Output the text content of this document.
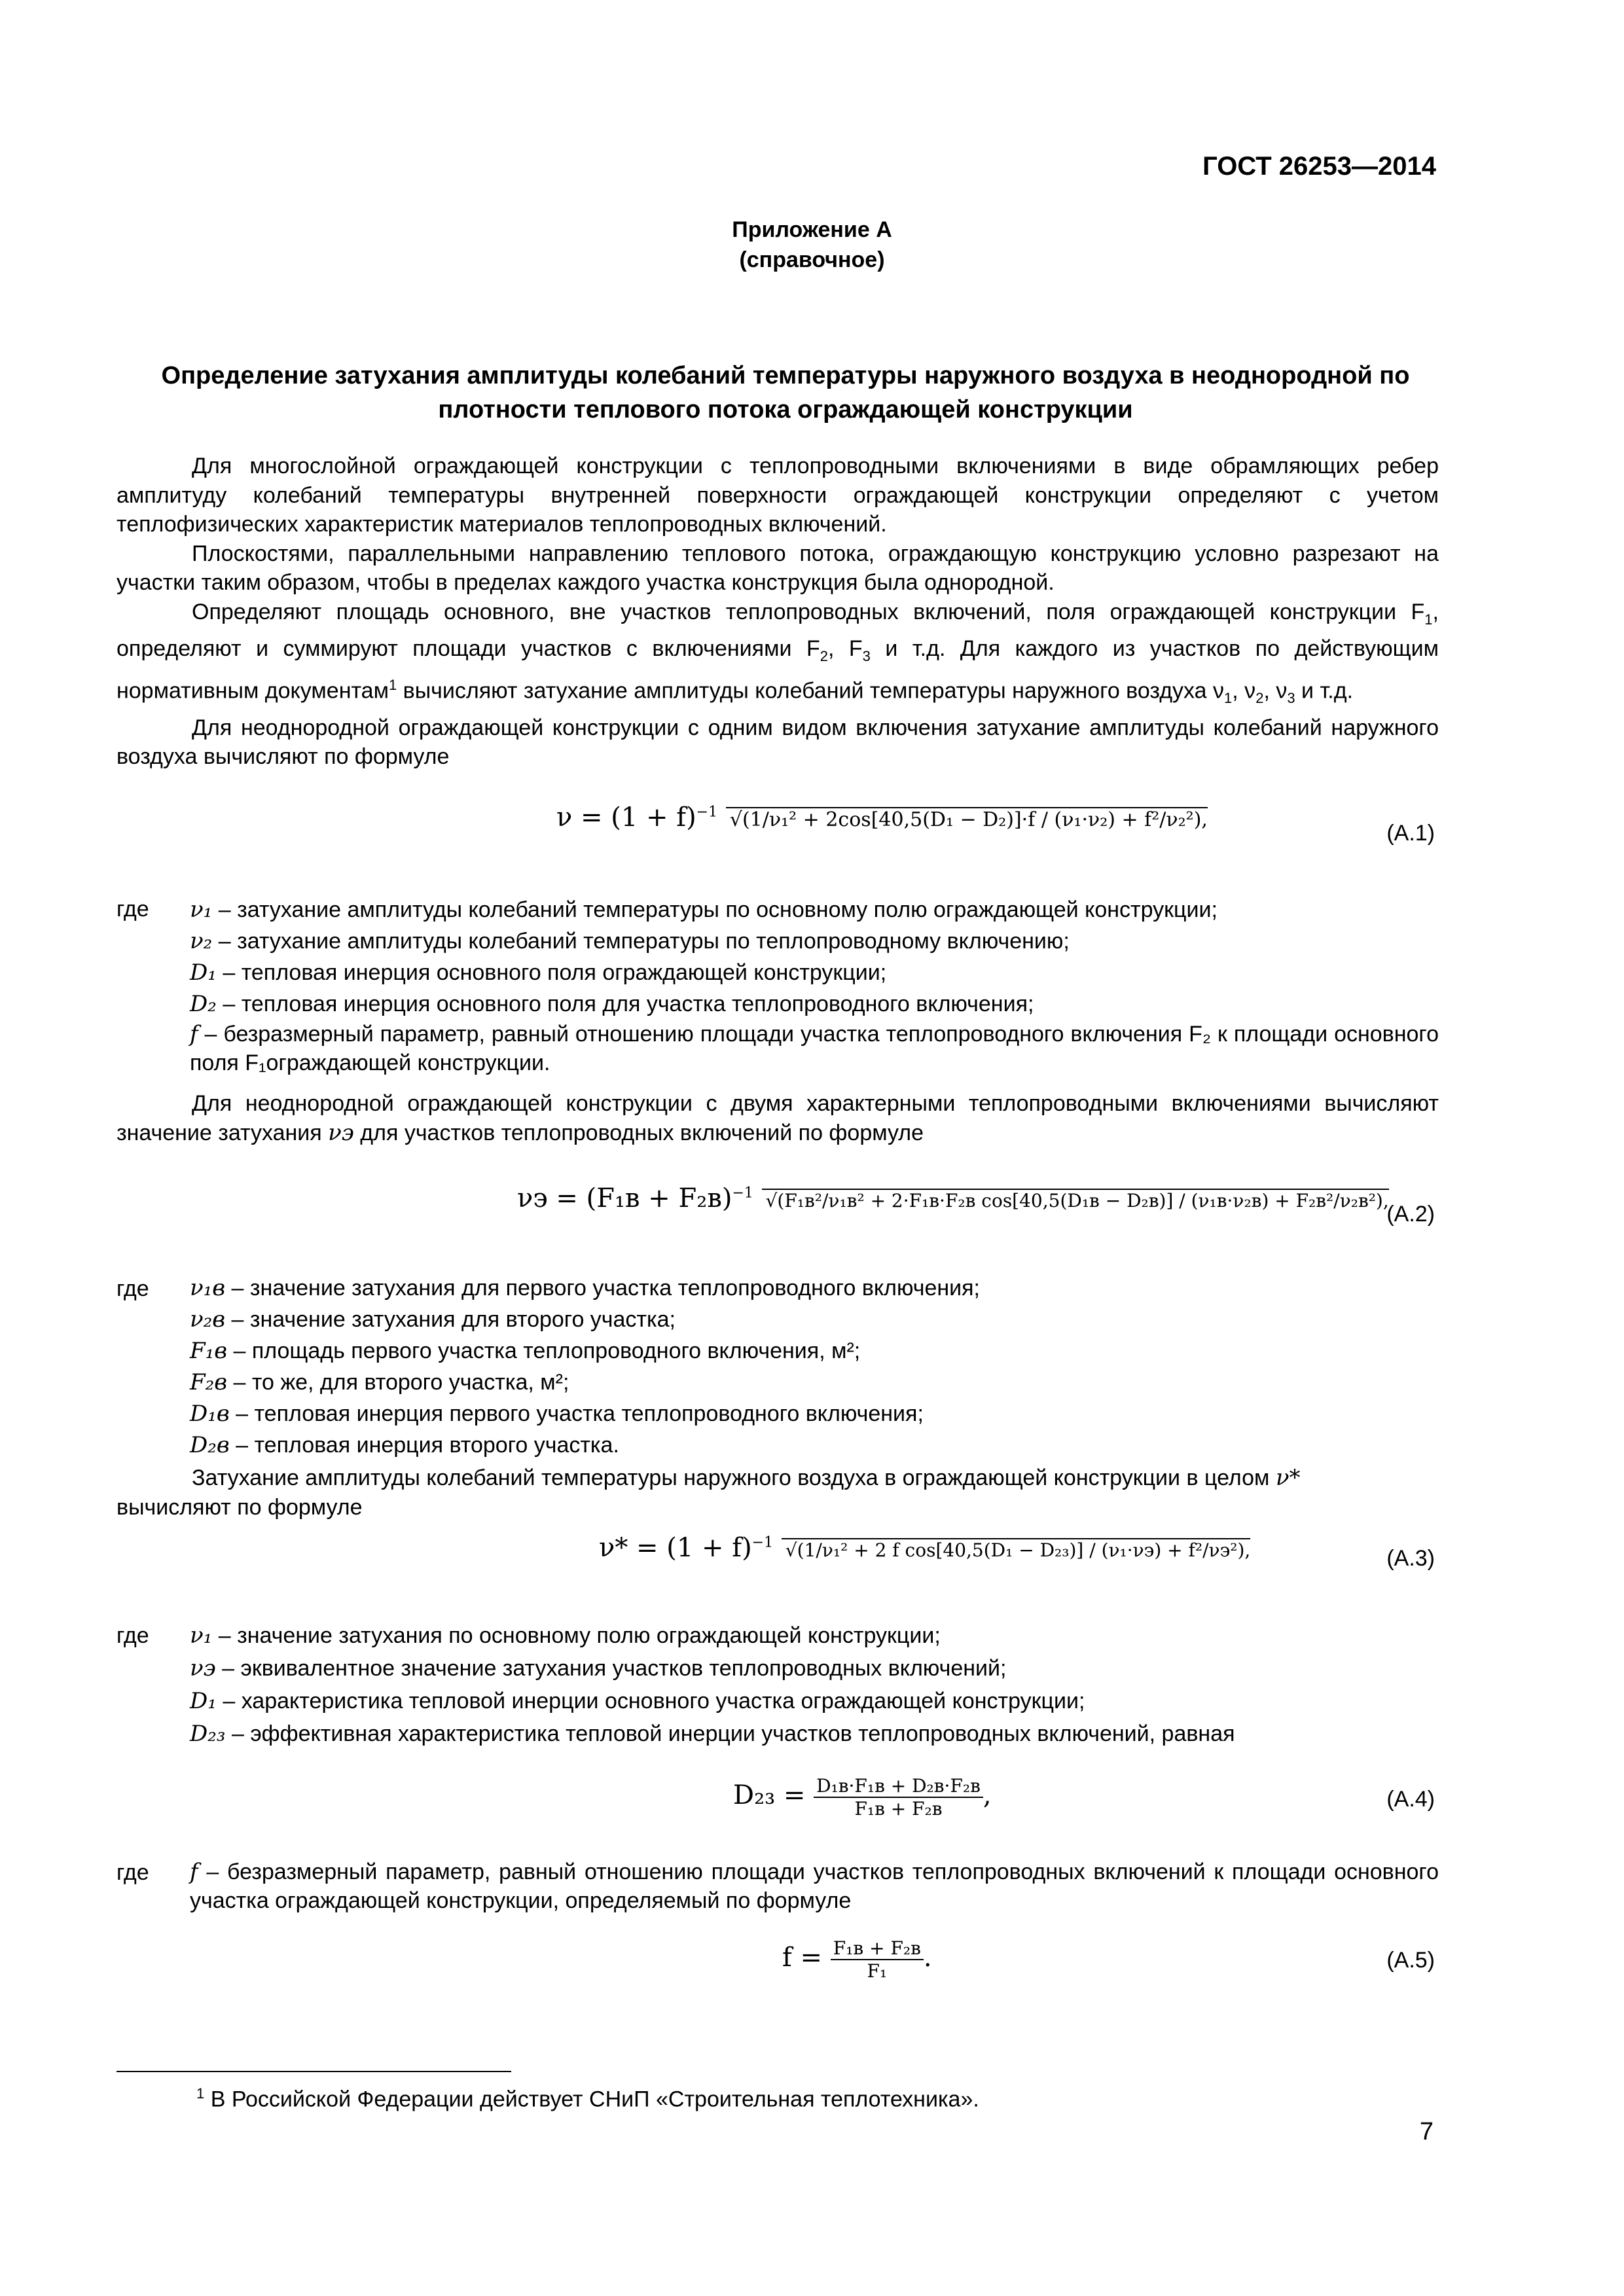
ГОСТ 26253—2014
Приложение А
(справочное)
Определение затухания амплитуды колебаний температуры наружного воздуха в неоднородной по плотности теплового потока ограждающей конструкции

Для многослойной ограждающей конструкции с теплопроводными включениями в виде обрамляющих ребер амплитуду колебаний температуры внутренней поверхности ограждающей конструкции определяют с учетом теплофизических характеристик материалов теплопроводных включений.

Плоскостями, параллельными направлению теплового потока, ограждающую конструкцию условно разрезают на участки таким образом, чтобы в пределах каждого участка конструкция была однородной.

Определяют площадь основного, вне участков теплопроводных включений, поля ограждающей конструкции $F_1$, определяют и суммируют площади участков с включениями $F_2$, $F_3$ и т.д. Для каждого из участков по действующим нормативным документам$^1$ вычисляют затухание амплитуды колебаний температуры наружного воздуха $\nu_1$, $\nu_2$, $\nu_3$ и т.д.

Для неоднородной ограждающей конструкции с одним видом включения затухание амплитуды колебаний наружного воздуха вычисляют по формуле

$\nu = (1 + f)^{-1}$ √(1/ν₁² + 2cos[40,5(D₁ − D₂)]·f / (ν₁·ν₂) + f²/ν₂²),
(А.1)
где ν₁ – затухание амплитуды колебаний температуры по основному полю ограждающей конструкции;
ν₂ – затухание амплитуды колебаний температуры по теплопроводному включению;
D₁ – тепловая инерция основного поля ограждающей конструкции;
D₂ – тепловая инерция основного поля для участка теплопроводного включения;
f – безразмерный параметр, равный отношению площади участка теплопроводного включения F₂ к площади основного поля F₁ограждающей конструкции.

Для неоднородной ограждающей конструкции с двумя характерными теплопроводными включениями вычисляют значение затухания νэ для участков теплопроводных включений по формуле

$\nu э = (F_1в + F_2в)^{-1}$ √(F₁в²/ν₁в² + 2·F₁в·F₂в cos[40,5(D₁в − D₂в)] / (ν₁в·ν₂в) + F₂в²/ν₂в²),
(А.2)
где ν₁в – значение затухания для первого участка теплопроводного включения;
ν₂в – значение затухания для второго участка;
F₁в – площадь первого участка теплопроводного включения, м²;
F₂в – то же, для второго участка, м²;
D₁в – тепловая инерция первого участка теплопроводного включения;
D₂в – тепловая инерция второго участка.

Затухание амплитуды колебаний температуры наружного воздуха в ограждающей конструкции в целом ν*
вычисляют по формуле

$\nu* = (1 + f)^{-1}$ √(1/ν₁² + 2 f cos[40,5(D₁ − D₂₃)] / (ν₁·νэ) + f²/νэ²),	(А.3)
где ν₁ – значение затухания по основному полю ограждающей конструкции;
νэ – эквивалентное значение затухания участков теплопроводных включений;
D₁ – характеристика тепловой инерции основного участка ограждающей конструкции;
D₂₃ – эффективная характеристика тепловой инерции участков теплопроводных включений, равная
$D_{23} = \frac{\text{D₁в·F₁в + D₂в·F₂в}}{\text{F₁в + F₂в}}$ ,	(А.4)
где f – безразмерный параметр, равный отношению площади участков теплопроводных включений к площади основного участка ограждающей конструкции, определяемый по формуле
$f = \frac{\text{F₁в + F₂в}}{\text{F₁}}$ .	(А.5)
$^1$ В Российской Федерации действует СНиП «Строительная теплотехника».
7
